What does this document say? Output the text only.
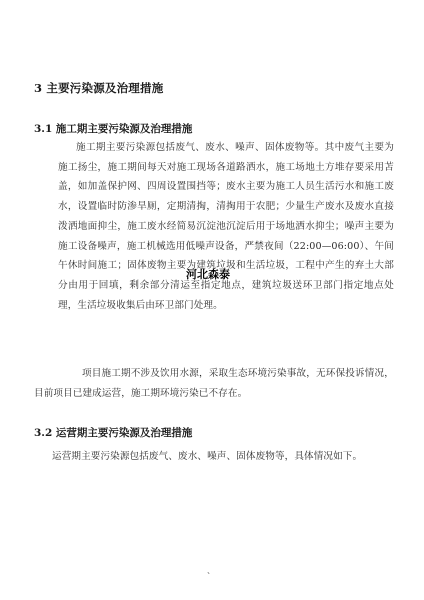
3 主要污染源及治理措施
3.1 施工期主要污染源及治理措施
施工期主要污染源包括废气、废水、噪声、固体废物等。其中废气主要为施工扬尘，施工期间每天对施工现场各道路洒水，施工场地土方堆存要采用苫盖，如加盖保护网、四周设置围挡等；废水主要为施工人员生活污水和施工废水，设置临时防渗旱厕，定期清掏，清掏用于农肥；少量生产废水及废水直接泼洒地面抑尘，施工废水经简易沉淀池沉淀后用于场地洒水抑尘；噪声主要为施工设备噪声，施工机械选用低噪声设备，严禁夜间（22:00—06:00）、午间午休时间施工；固体废物主要为建筑垃圾和生活垃圾，工程中产生的弃土大部分由用于回填，剩余部分清运至指定地点，建筑垃圾送环卫部门指定地点处理，生活垃圾收集后由环卫部门处理。
项目施工期不涉及饮用水源，采取生态环境污染事故，无环保投诉情况，目前项目已建成运营，施工期环境污染已不存在。
3.2 运营期主要污染源及治理措施
运营期主要污染源包括废气、废水、噪声、固体废物等，具体情况如下。
河北森泰
、
